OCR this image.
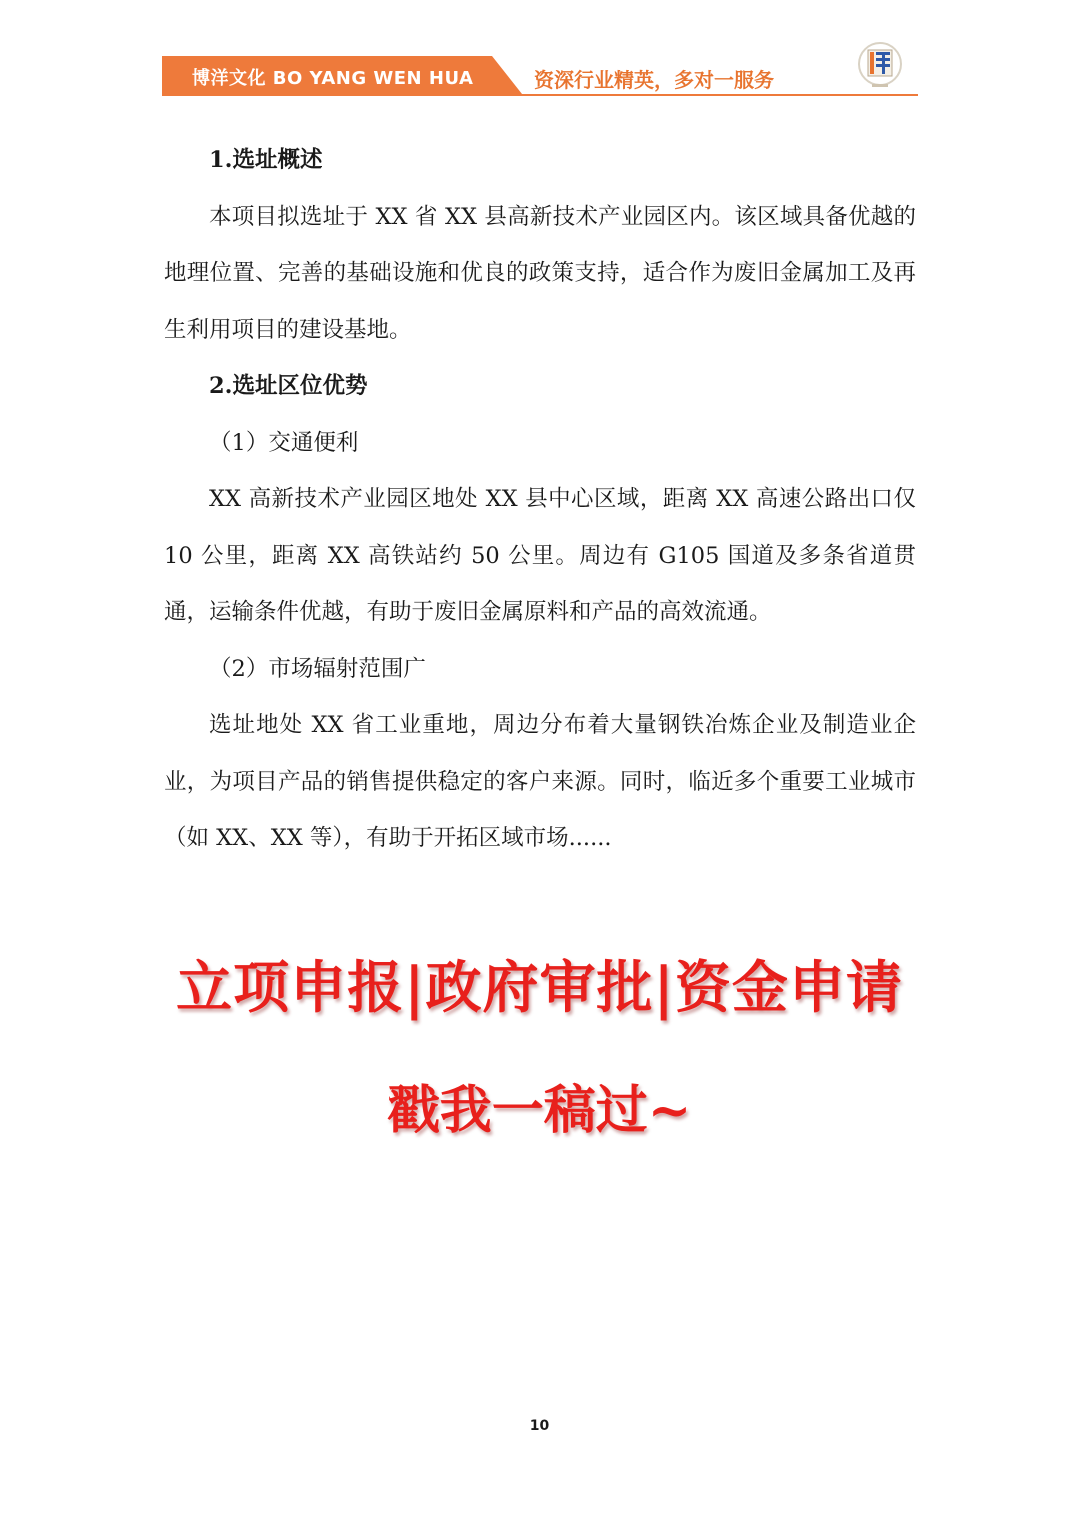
博洋文化 BO YANG WEN HUA	资深行业精英，多对一服务

1.选址概述

本项目拟选址于 XX 省 XX 县高新技术产业园区内。该区域具备优越的地理位置、完善的基础设施和优良的政策支持，适合作为废旧金属加工及再生利用项目的建设基地。

2.选址区位优势

（1）交通便利

XX 高新技术产业园区地处 XX 县中心区域，距离 XX 高速公路出口仅 10 公里，距离 XX 高铁站约 50 公里。周边有 G105 国道及多条省道贯通，运输条件优越，有助于废旧金属原料和产品的高效流通。

（2）市场辐射范围广

选址地处 XX 省工业重地，周边分布着大量钢铁冶炼企业及制造业企业，为项目产品的销售提供稳定的客户来源。同时，临近多个重要工业城市（如 XX、XX 等），有助于开拓区域市场......

立项申报|政府审批|资金申请
戳我一稿过~
10
